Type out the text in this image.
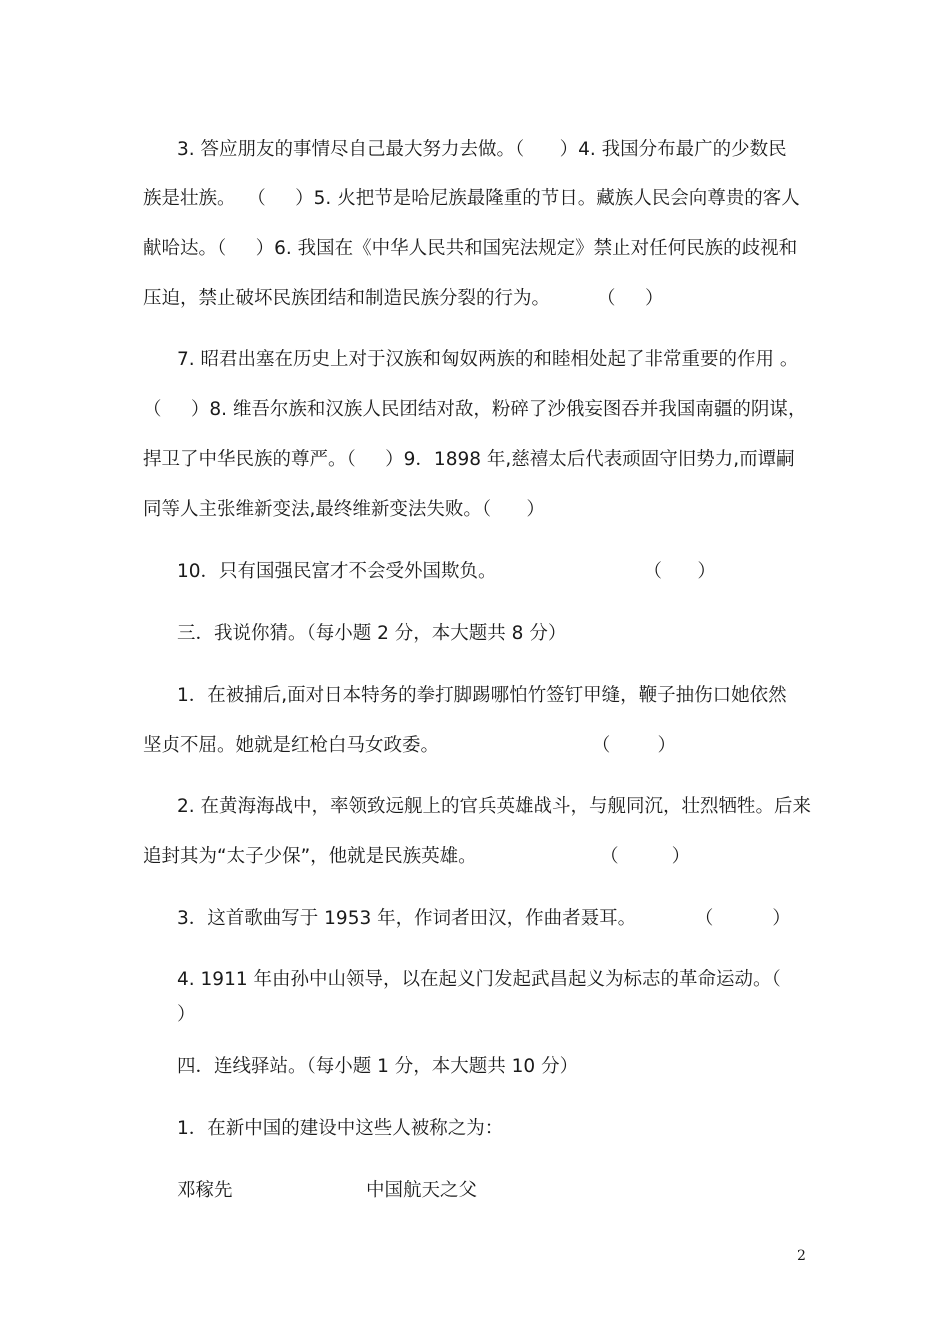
3. 答应朋友的事情尽自己最大努力去做。（      ）4. 我国分布最广的少数民
族是壮族。  （     ）5. 火把节是哈尼族最隆重的节日。藏族人民会向尊贵的客人
献哈达。（     ）6. 我国在《中华人民共和国宪法规定》禁止对任何民族的歧视和
压迫，禁止破坏民族团结和制造民族分裂的行为。        （     ）
7. 昭君出塞在历史上对于汉族和匈奴两族的和睦相处起了非常重要的作用 。
（     ）8. 维吾尔族和汉族人民团结对敌，粉碎了沙俄妄图吞并我国南疆的阴谋，
捍卫了中华民族的尊严。（     ）9．1898 年,慈禧太后代表顽固守旧势力,而谭嗣
同等人主张维新变法,最终维新变法失败。（      ）
10．只有国强民富才不会受外国欺负。                         （      ）
三．我说你猜。（每小题 2 分，本大题共 8 分）
1．在被捕后,面对日本特务的拳打脚踢哪怕竹签钉甲缝，鞭子抽伤口她依然
坚贞不屈。她就是红枪白马女政委。                          （        ）
2. 在黄海海战中，率领致远舰上的官兵英雄战斗，与舰同沉，壮烈牺牲。后来
追封其为“太子少保”，他就是民族英雄。                     （         ）
3．这首歌曲写于 1953 年，作词者田汉，作曲者聂耳。          （          ）
4. 1911 年由孙中山领导，以在起义门发起武昌起义为标志的革命运动。（
）
四．连线驿站。（每小题 1 分，本大题共 10 分）
1．在新中国的建设中这些人被称之为：
邓稼先	中国航天之父
2
